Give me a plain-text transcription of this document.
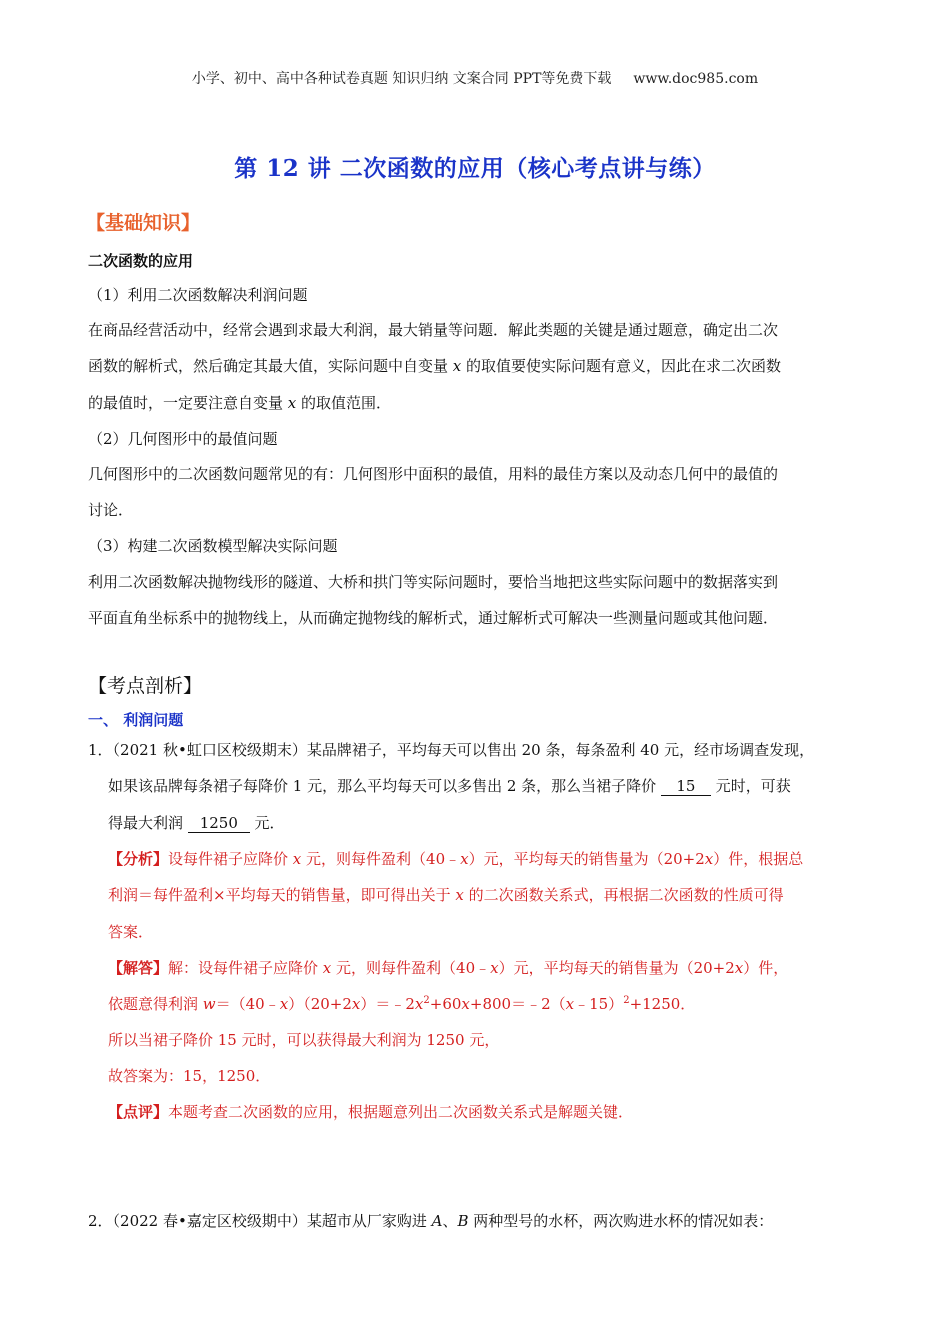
小学、初中、高中各种试卷真题 知识归纳 文案合同 PPT等免费下载 www.doc985.com
第 12 讲 二次函数的应用（核心考点讲与练）
【基础知识】
二次函数的应用
（1）利用二次函数解决利润问题
在商品经营活动中，经常会遇到求最大利润，最大销量等问题．解此类题的关键是通过题意，确定出二次
函数的解析式，然后确定其最大值，实际问题中自变量 x 的取值要使实际问题有意义，因此在求二次函数
的最值时，一定要注意自变量 x 的取值范围．
（2）几何图形中的最值问题
几何图形中的二次函数问题常见的有：几何图形中面积的最值，用料的最佳方案以及动态几何中的最值的
讨论．
（3）构建二次函数模型解决实际问题
利用二次函数解决抛物线形的隧道、大桥和拱门等实际问题时，要恰当地把这些实际问题中的数据落实到
平面直角坐标系中的抛物线上，从而确定抛物线的解析式，通过解析式可解决一些测量问题或其他问题．
【考点剖析】
一、 利润问题
1．（2021 秋•虹口区校级期末）某品牌裙子，平均每天可以售出 20 条，每条盈利 40 元，经市场调查发现，
如果该品牌每条裙子每降价 1 元，那么平均每天可以多售出 2 条，那么当裙子降价 15 元时，可获
得最大利润 1250 元．
【分析】设每件裙子应降价 x 元，则每件盈利（40﹣x）元，平均每天的销售量为（20+2x）件，根据总
利润＝每件盈利×平均每天的销售量，即可得出关于 x 的二次函数关系式，再根据二次函数的性质可得
答案．
【解答】解：设每件裙子应降价 x 元，则每件盈利（40﹣x）元，平均每天的销售量为（20+2x）件，
依题意得利润 $w=(40﹣x)(20+2x)=﹣2x^2+60x+800=﹣2(x﹣15)^2+1250$．
所以当裙子降价 15 元时，可以获得最大利润为 1250 元，
故答案为：15，1250．
【点评】本题考查二次函数的应用，根据题意列出二次函数关系式是解题关键．
2．（2022 春•嘉定区校级期中）某超市从厂家购进 A、B 两种型号的水杯，两次购进水杯的情况如表：
